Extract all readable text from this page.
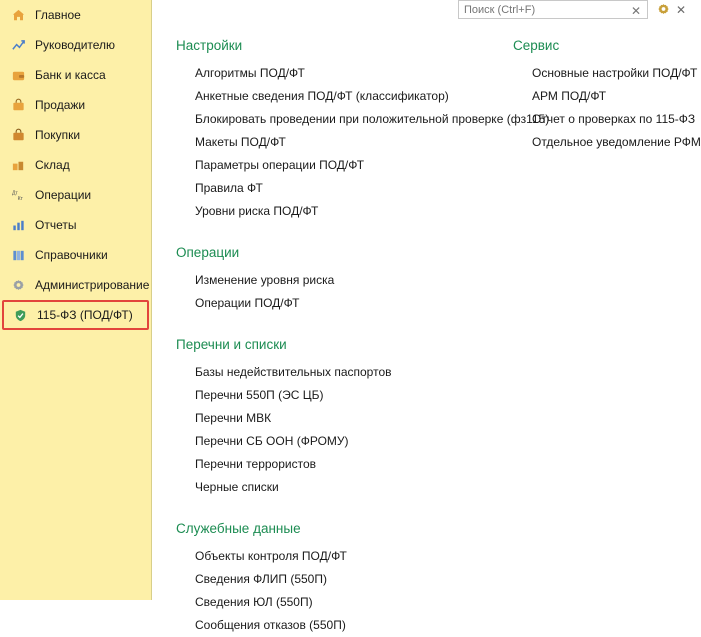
Главное
Руководителю
Банк и касса
Продажи
Покупки
Склад
Дт
Кт Операции
Отчеты
Справочники
Администрирование
115-ФЗ (ПОД/ФТ)
Поиск (Ctrl+F)
✕	✕
Настройки
Алгоритмы ПОД/ФТ
Анкетные сведения ПОД/ФТ (классификатор)
Блокировать проведении при положительной проверке (фз115)
Макеты ПОД/ФТ
Параметры операции ПОД/ФТ
Правила ФТ
Уровни риска ПОД/ФТ
Операции
Изменение уровня риска
Операции ПОД/ФТ
Перечни и списки
Базы недействительных паспортов
Перечни 550П (ЭС ЦБ)
Перечни МВК
Перечни СБ ООН (ФРОМУ)
Перечни террористов
Черные списки
Служебные данные
Объекты контроля ПОД/ФТ
Сведения ФЛИП (550П)
Сведения ЮЛ (550П)
Сообщения отказов (550П)
Сервис
Основные настройки ПОД/ФТ
АРМ ПОД/ФТ
Отчет о проверках по 115-ФЗ
Отдельное уведомление РФМ
